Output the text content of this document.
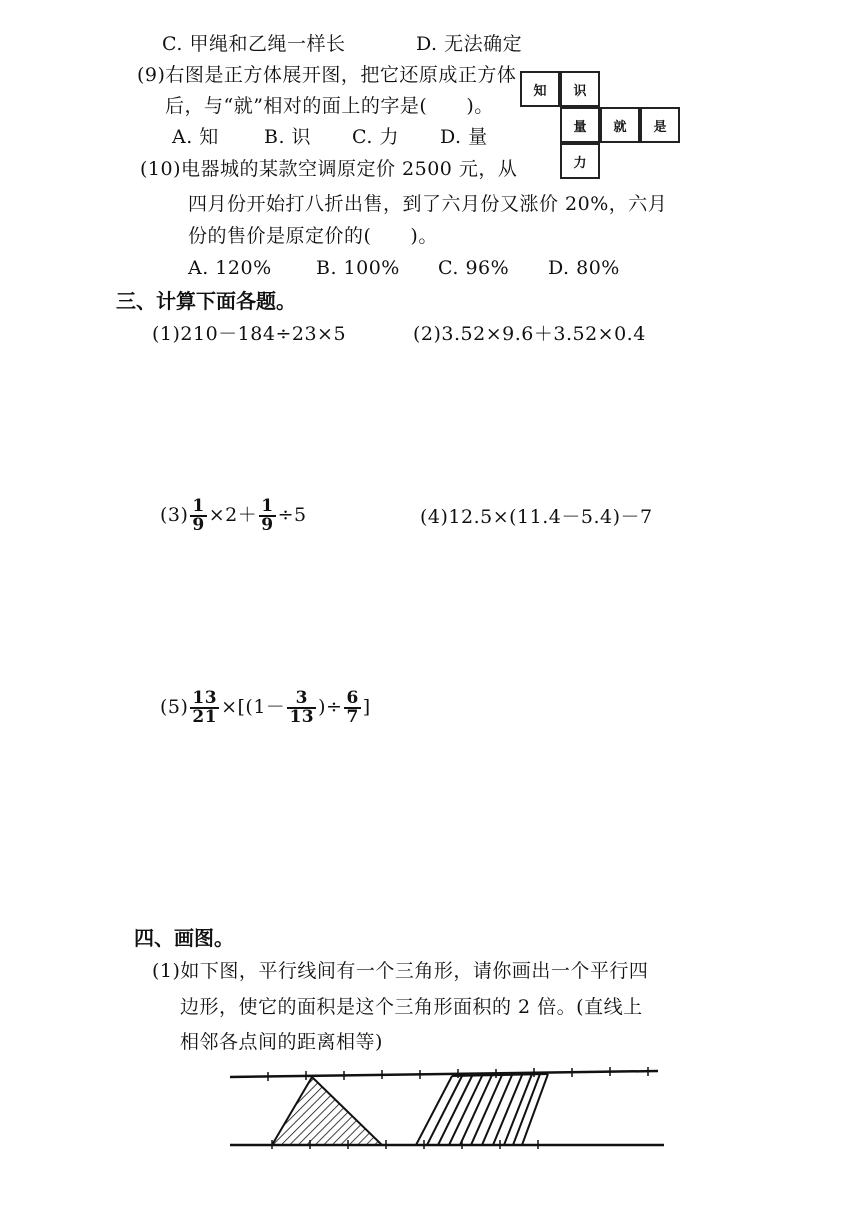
C. 甲绳和乙绳一样长	D. 无法确定
(9)右图是正方体展开图，把它还原成正方体
后，与“就”相对的面上的字是(　　)。
A. 知 B. 识 C. 力 D. 量
知	识
量	就	是
力
(10)电器城的某款空调原定价 2500 元，从
四月份开始打八折出售，到了六月份又涨价 20%，六月
份的售价是原定价的(　　)。
A. 120% B. 100% C. 96% D. 80%
三、计算下面各题。
(1)210－184÷23×5	(2)3.52×9.6＋3.52×0.4
$(3) \frac{1}{9} \times 2+ \frac{1}{9} \div 5$	(4)12.5×(11.4－5.4)－7
$(5) \frac{13}{21} \times[(1- \frac{3}{13}$ )÷ $\frac{6}{7}$ ]
四、画图。
(1)如下图，平行线间有一个三角形，请你画出一个平行四
边形，使它的面积是这个三角形面积的 2 倍。(直线上
相邻各点间的距离相等)
